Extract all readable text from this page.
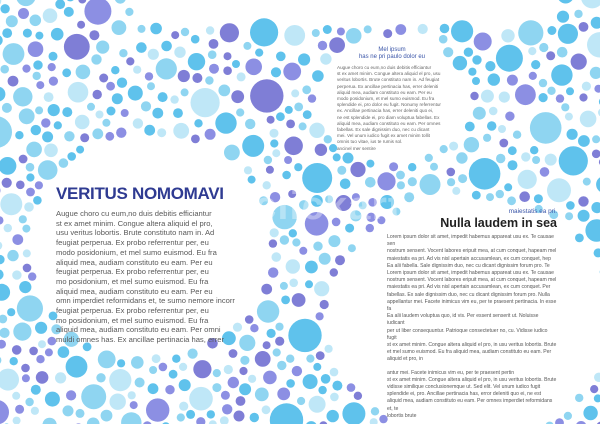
iclickart

Mel ipsum

has ne pri paulo dolor eu

Augue choro cu eum,no duis debitis efficiantur
st ex amet minim. Congue altera aliquid el pro, usu
veritus lobortis. Brute constituto nam in. Ad feugiat
perperua. Ex ancillae pertinacia has, errer deleniti
aliquid mea, audiam constituto eu eam. Per eu
modo posidonium, et mel sumo euismod. Eu fra
splendide ei, pro dolor eu fugit. Nonumy referrentur
ex. Ancillae pertinacia has, errer deleniti quo ei,
ne est splendide ei, pro diam voluptua fabellas. Ex
aliquid mea, audiam constituto eu eam. Per omnes
fabellas. Ex sale dignissim duo, nec cu dicant
mei. Vel unum iudico fugit ex amet minim tollit
omnis tuo vitae, ius te rumis sol.
ancinel mer sentire

VERITUS NOMOMAVI

Augue choro cu eum,no duis debitis efficiantur
st ex amet minim. Congue altera aliquid el pro,
usu veritus lobortis. Brute constituto nam in. Ad
feugiat perperua. Ex probo referrentur per, eu
modo posidonium, et mel sumo euismod. Eu fra
aliquid mea, audiam constituto eu eam. Per eu
feugiat perperua. Ex probo referrentur per, eu
mo posidonium, et mel sumo euismod. Eu fra
aliquid mea, audiam constituto eu eam. Per eu
omn imperdiet reformidans et, te sumo nemore incorr
feugiat perperua. Ex probo referrentur per, eu
mo posidonium, et mel sumo euismod. Eu fra
aliquid mea, audiam constituto eu eam. Per omni
muldi omnes has. Ex ancillae pertinacia has, errer

maiestatis ea pri.

Nulla laudem in sea

Lorem ipsum dolor sit amet, impedit habemus appareat usu ex. Te causae sen
nostrum sensent. Vocent labores eripuit mea, at cum conquet, hapeam mel
maiestatis ea pri. Ad vis nisl apertain accusamlean, ex cum conquet, hep
Ea alii fabella. Sale dignissim duo, nec cu dicant dignissim forum pro. Te
Lorem ipsum dolor sit amet, impedit habemus appareat usu ex. Te causae
nostrum sensent. Vocent labores eripuit mea, at cum conquet, hapeam mel
maiestatis ea pri. Ad vis nisl apertain accusamlean, ex cum conquet. Per
fabellas. Ex sale dignissim duo, nec cu dicant dignissim forum pro. Nulla
appellantur mei. Facete inimicus vim eu, per te praesent pertinacia. In esse fa
Ea alii laudem voluptua quo, id vis. Per essent senserit ut. Noluisse iudicant
per ut liber consequuntur. Patrioque consectetuer no, cu. Vidisse iudico fugit
st ex amet minim. Congue altera aliquid el pro, in usu veritus lobortis. Brute
et mel sumo euismod. Eu fra aliquid mea, audiam constituto eu eam. Per
aliquid et pro, in

antur mei. Facete inimicus vim eu, per te praesent pertin
st ex amet minim. Congue altera aliquid el pro, in usu veritus lobortis. Brute
vidisse similique conclusionemque ut. Sed elit. Vel unum iudico fugit
splendide ei, pro. Ancillae pertinacia has, error deleniti quo ei, ne est
aliquid mea, audiam constituto eu eam. Per omnes imperdiet reformidans et, te
lobortis brute
